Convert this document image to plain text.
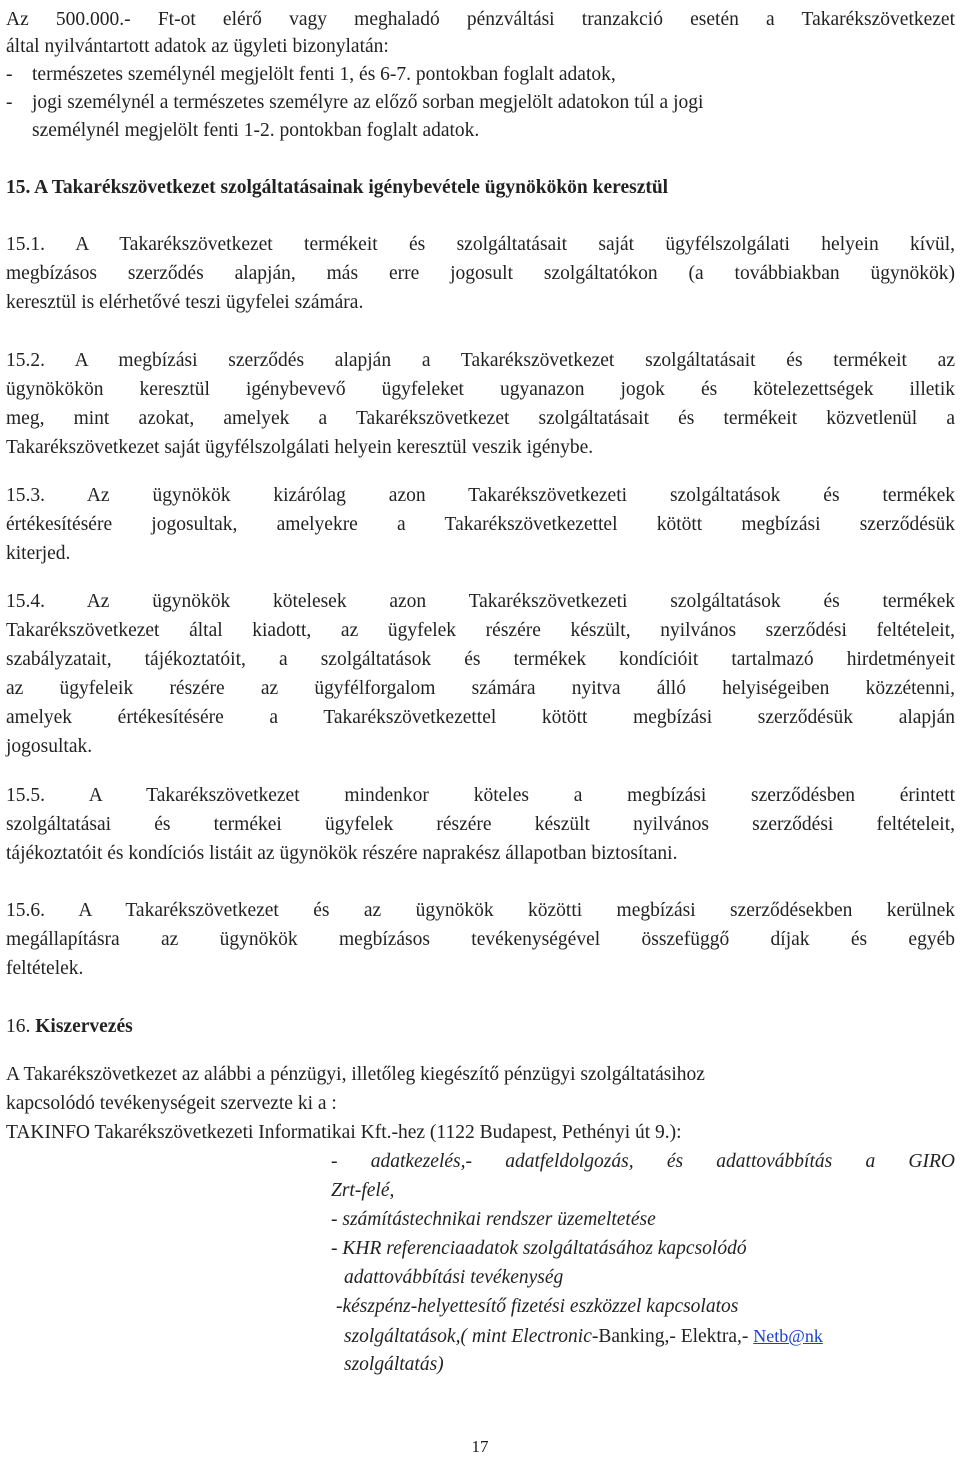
Az 500.000.- Ft-ot elérő vagy meghaladó pénzváltási tranzakció esetén a Takarékszövetkezet
által nyilvántartott adatok az ügyleti bizonylatán:
- természetes személynél megjelölt fenti 1, és 6-7. pontokban foglalt adatok,
- jogi személynél a természetes személyre az előző sorban megjelölt adatokon túl a jogi
személynél megjelölt fenti 1-2. pontokban foglalt adatok.
15. A Takarékszövetkezet szolgáltatásainak igénybevétele ügynökökön keresztül
15.1. A Takarékszövetkezet termékeit és szolgáltatásait saját ügyfélszolgálati helyein kívül,
megbízásos szerződés alapján, más erre jogosult szolgáltatókon (a továbbiakban ügynökök)
keresztül is elérhetővé teszi ügyfelei számára.
15.2. A megbízási szerződés alapján a Takarékszövetkezet szolgáltatásait és termékeit az
ügynökökön keresztül igénybevevő ügyfeleket ugyanazon jogok és kötelezettségek illetik
meg, mint azokat, amelyek a Takarékszövetkezet szolgáltatásait és termékeit közvetlenül a
Takarékszövetkezet saját ügyfélszolgálati helyein keresztül veszik igénybe.
15.3. Az ügynökök kizárólag azon Takarékszövetkezeti szolgáltatások és termékek
értékesítésére jogosultak, amelyekre a Takarékszövetkezettel kötött megbízási szerződésük
kiterjed.
15.4. Az ügynökök kötelesek azon Takarékszövetkezeti szolgáltatások és termékek
Takarékszövetkezet által kiadott, az ügyfelek részére készült, nyilvános szerződési feltételeit,
szabályzatait, tájékoztatóit, a szolgáltatások és termékek kondícióit tartalmazó hirdetményeit
az ügyfeleik részére az ügyfélforgalom számára nyitva álló helyiségeiben közzétenni,
amelyek értékesítésére a Takarékszövetkezettel kötött megbízási szerződésük alapján
jogosultak.
15.5. A Takarékszövetkezet mindenkor köteles a megbízási szerződésben érintett
szolgáltatásai és termékei ügyfelek részére készült nyilvános szerződési feltételeit,
tájékoztatóit és kondíciós listáit az ügynökök részére naprakész állapotban biztosítani.
15.6. A Takarékszövetkezet és az ügynökök közötti megbízási szerződésekben kerülnek
megállapításra az ügynökök megbízásos tevékenységével összefüggő díjak és egyéb
feltételek.
16. Kiszervezés
A Takarékszövetkezet az alábbi a pénzügyi, illetőleg kiegészítő pénzügyi szolgáltatásihoz
kapcsolódó tevékenységeit szervezte ki a :
TAKINFO Takarékszövetkezeti Informatikai Kft.-hez (1122 Budapest, Pethényi út 9.):
- adatkezelés,- adatfeldolgozás, és adattovábbítás a GIRO
Zrt-felé,
- számítástechnikai rendszer üzemeltetése
- KHR referenciaadatok szolgáltatásához kapcsolódó
adattovábbítási tevékenység
-készpénz-helyettesítő fizetési eszközzel kapcsolatos
szolgáltatások,( mint Electronic-Banking,- Elektra,- Netb@nk
szolgáltatás)
17
